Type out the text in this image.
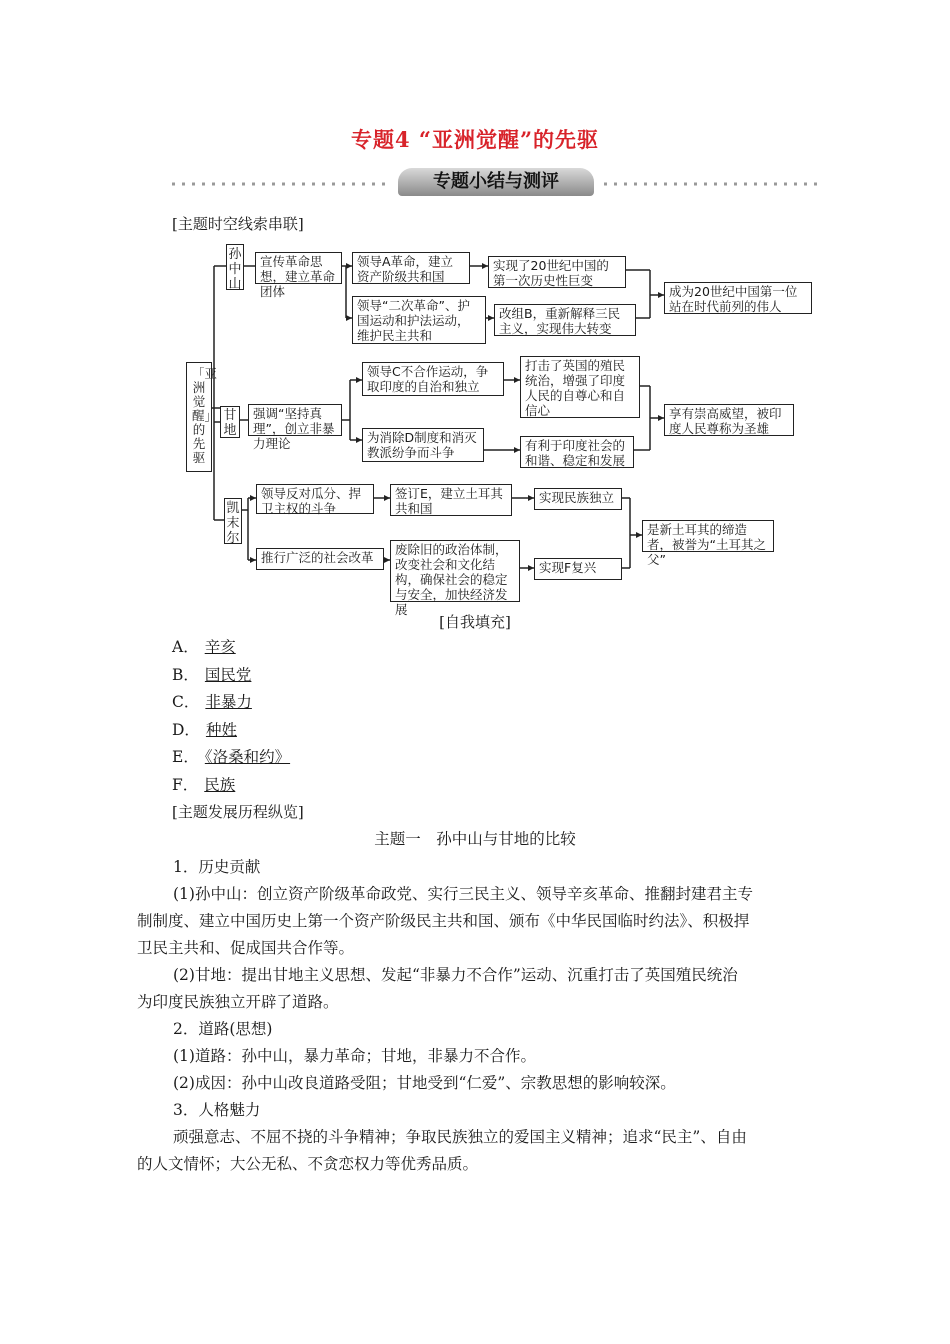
专题4 “亚洲觉醒”的先驱
专题小结与测评
[主题时空线索串联]
「亚洲觉醒」的先驱
孙中山
宣传革命思想，建立革命团体
领导A革命，建立资产阶级共和国
领导“二次革命”、护国运动和护法运动，维护民主共和
实现了20世纪中国的第一次历史性巨变
改组B，重新解释三民主义，实现伟大转变
成为20世纪中国第一位站在时代前列的伟人
甘地
强调“坚持真理”，创立非暴力理论
领导C不合作运动，争取印度的自治和独立
为消除D制度和消灭教派纷争而斗争
打击了英国的殖民统治，增强了印度人民的自尊心和自信心
有利于印度社会的和谐、稳定和发展
享有崇高威望，被印度人民尊称为圣雄
凯末尔
领导反对瓜分、捍卫主权的斗争
推行广泛的社会改革
签订E，建立土耳其共和国
废除旧的政治体制，改变社会和文化结构，确保社会的稳定与安全，加快经济发展
实现民族独立
实现F复兴
是新土耳其的缔造者，被誉为“土耳其之父”
[自我填充]
A． 辛亥
B． 国民党
C． 非暴力
D． 种姓
E． 《洛桑和约》
F． 民族
[主题发展历程纵览]
主题一　孙中山与甘地的比较
1．历史贡献
(1)孙中山：创立资产阶级革命政党、实行三民主义、领导辛亥革命、推翻封建君主专
制制度、建立中国历史上第一个资产阶级民主共和国、颁布《中华民国临时约法》、积极捍
卫民主共和、促成国共合作等。
(2)甘地：提出甘地主义思想、发起“非暴力不合作”运动、沉重打击了英国殖民统治
为印度民族独立开辟了道路。
2．道路(思想)
(1)道路：孙中山，暴力革命；甘地，非暴力不合作。
(2)成因：孙中山改良道路受阻；甘地受到“仁爱”、宗教思想的影响较深。
3．人格魅力
顽强意志、不屈不挠的斗争精神；争取民族独立的爱国主义精神；追求“民主”、自由
的人文情怀；大公无私、不贪恋权力等优秀品质。
